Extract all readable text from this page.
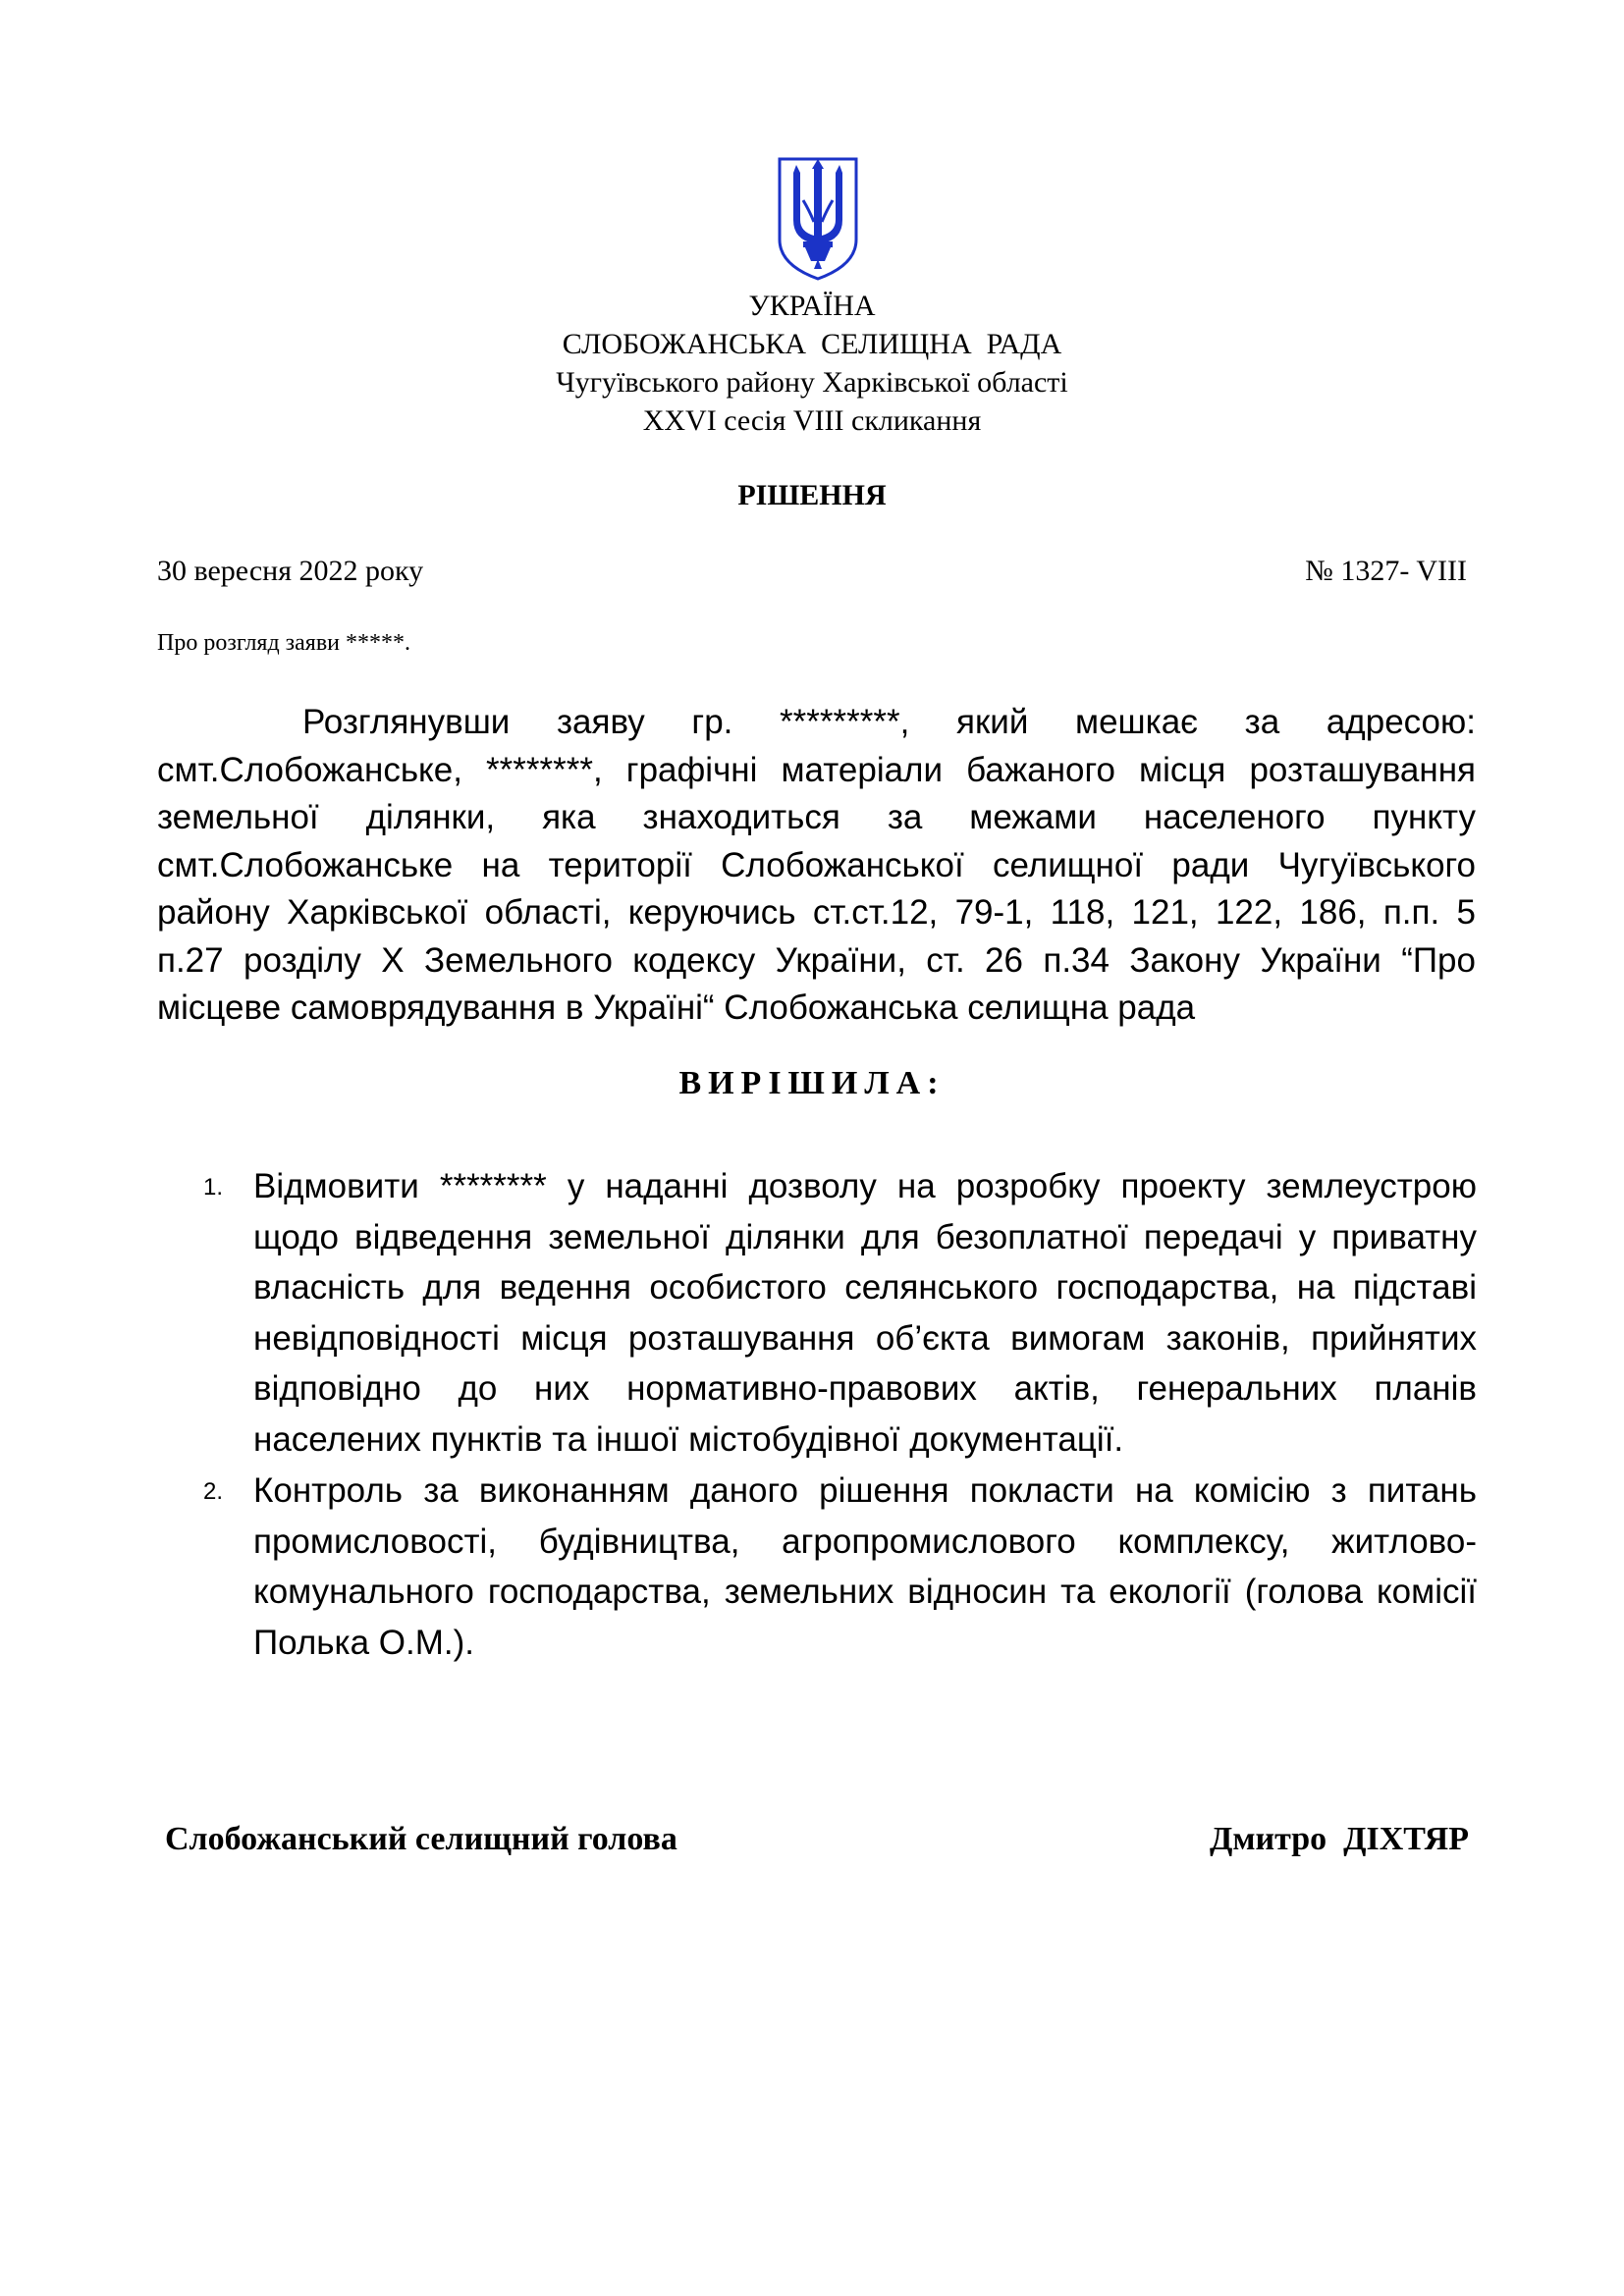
УКРАЇНА
СЛОБОЖАНСЬКА  СЕЛИЩНА  РАДА
Чугуївського району Харківської області
XXVI сесія VIII скликання
РІШЕННЯ
30 вересня 2022 року	№ 1327- VIII
Про розгляд заяви *****.
Розглянувши заяву гр. *********, який мешкає за адресою:
смт.Слобожанське, ********, графічні матеріали бажаного місця розташування
земельної ділянки, яка знаходиться за межами населеного пункту
смт.Слобожанське на території Слобожанської селищної ради Чугуївського
району Харківської області, керуючись ст.ст.12, 79-1, 118, 121, 122, 186, п.п. 5
п.27 розділу Х Земельного кодексу України, ст. 26 п.34 Закону України “Про
місцеве самоврядування в Україні“ Слобожанська селищна рада
ВИРІШИЛА:
1. Відмовити ******** у наданні дозволу на розробку проекту землеустрою
щодо відведення земельної ділянки для безоплатної передачі у приватну
власність для ведення особистого селянського господарства, на підставі
невідповідності місця розташування об’єкта вимогам законів, прийнятих
відповідно до них нормативно-правових актів, генеральних планів
населених пунктів та іншої містобудівної документації.
2. Контроль за виконанням даного рішення покласти на комісію з питань
промисловості, будівництва, агропромислового комплексу, житлово-
комунального господарства, земельних відносин та екології (голова комісії
Полька О.М.).
Слобожанський селищний голова	Дмитро  ДІХТЯР
